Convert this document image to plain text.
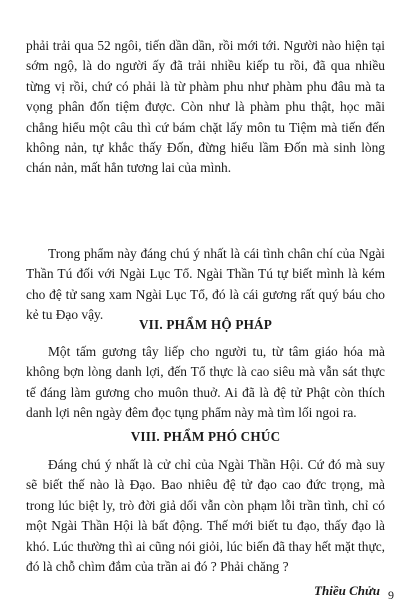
phải trải qua 52 ngôi, tiến dần dần, rồi mới tới. Người nào hiện tại sớm ngộ, là do người ấy đã trải nhiều kiếp tu rồi, đã qua nhiều từng vị rồi, chứ có phải là từ phàm phu như phàm phu đâu mà ta vọng phân đốn tiệm được. Còn như là phàm phu thật, học mãi chẳng hiểu một câu thì cứ bám chặt lấy môn tu Tiệm mà tiến đến không nản, tự khắc thấy Đốn, đừng hiểu lầm Đốn mà sinh lòng chán nản, mất hẳn tương lai của mình.

Trong phẩm này đáng chú ý nhất là cái tình chân chí của Ngài Thần Tú đối với Ngài Lục Tổ. Ngài Thần Tú tự biết mình là kém cho đệ tử sang xam Ngài Lục Tổ, đó là cái gương rất quý báu cho kẻ tu Đạo vậy.

VII. PHẨM HỘ PHÁP

Một tấm gương tây liếp cho người tu, từ tâm giáo hóa mà không bợn lòng danh lợi, đến Tổ thực là cao siêu mà vẫn sát thực tế đáng làm gương cho muôn thuở. Ai đã là đệ tử Phật còn thích danh lợi nên ngày đêm đọc tụng phẩm này mà tìm lối ngoi ra.

VIII. PHẨM PHÓ CHÚC

Đáng chú ý nhất là cử chỉ của Ngài Thần Hội. Cứ đó mà suy sẽ biết thế nào là Đạo. Bao nhiêu đệ tử đạo cao đức trọng, mà trong lúc biệt ly, trò đời giả dối vẫn còn phạm lỗi trần tình, chỉ có một Ngài Thần Hội là bất động. Thế mới biết tu đạo, thấy đạo là khó. Lúc thường thì ai cũng nói giỏi, lúc biến đã thay hết mặt thực, đó là chỗ chìm đắm của trần ai đó ? Phải chăng ?

Thiều Chửu 9
